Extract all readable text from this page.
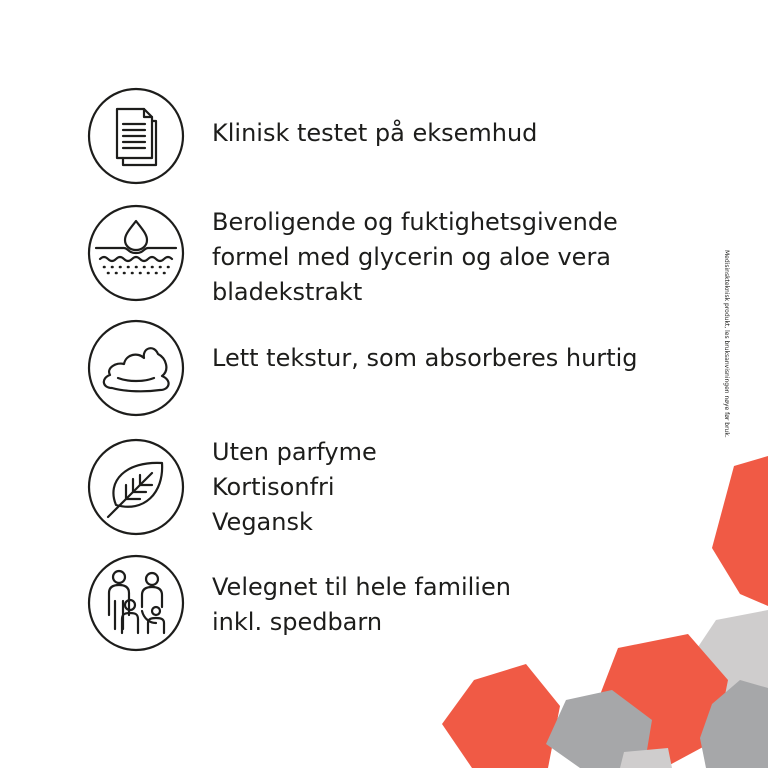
Klinisk testet på eksemhud
Beroligende og fuktighetsgivende
formel med glycerin og aloe vera
bladekstrakt
Lett tekstur, som absorberes hurtig
Uten parfyme
Kortisonfri
Vegansk
Velegnet til hele familien
inkl. spedbarn
Medisinskteknisk produkt, les bruksanvisningen nøye før bruk.
